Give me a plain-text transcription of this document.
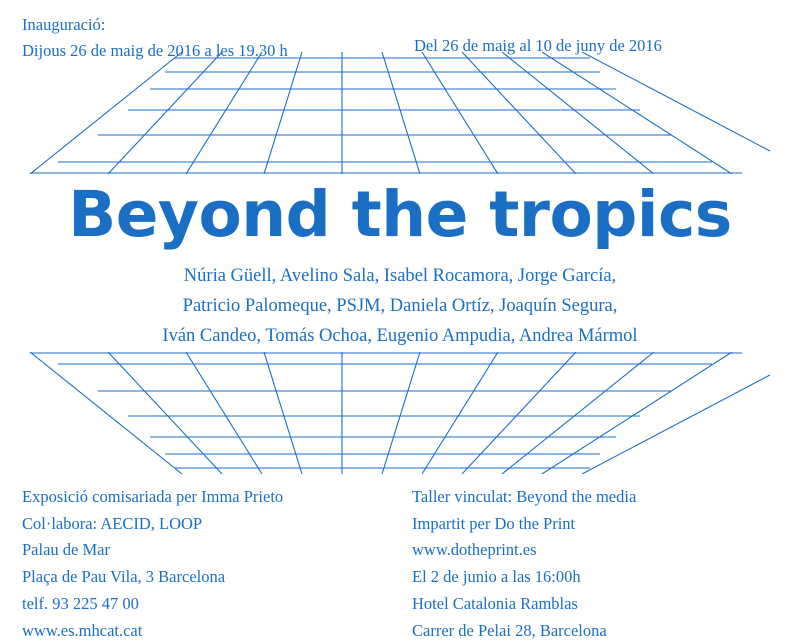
Inauguració:
Dijous 26 de maig de 2016 a les 19.30 h	Del 26 de maig al 10 de juny de 2016
Beyond the tropics
Núria Güell, Avelino Sala, Isabel Rocamora, Jorge García,
Patricio Palomeque, PSJM, Daniela Ortíz, Joaquín Segura,
Iván Candeo, Tomás Ochoa, Eugenio Ampudia, Andrea Mármol
Exposició comisariada per Imma Prieto
Col·labora: AECID, LOOP
Palau de Mar
Plaça de Pau Vila, 3 Barcelona
telf. 93 225 47 00
www.es.mhcat.cat
Taller vinculat: Beyond the media
Impartit per Do the Print
www.dotheprint.es
El 2 de junio a las 16:00h
Hotel Catalonia Ramblas
Carrer de Pelai 28, Barcelona
